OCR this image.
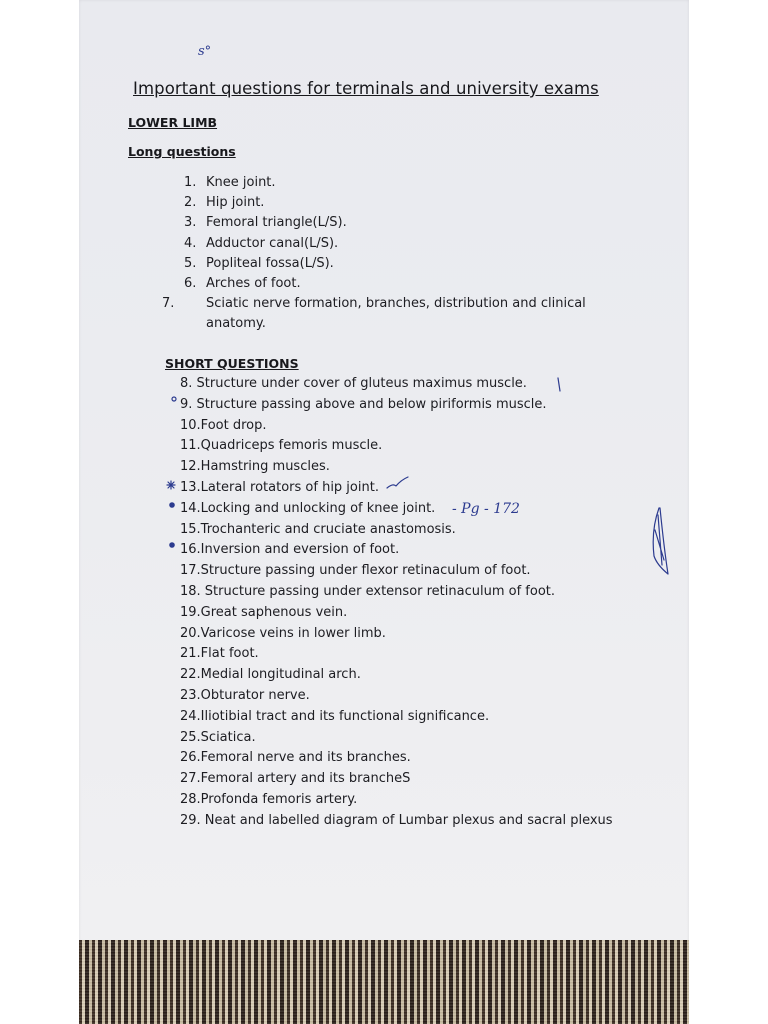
Important questions for terminals and university exams
LOWER LIMB
Long questions
1. Knee joint.
2. Hip joint.
3. Femoral triangle(L/S).
4. Adductor canal(L/S).
5. Popliteal fossa(L/S).
6. Arches of foot.
7. Sciatic nerve formation, branches, distribution and clinical anatomy.
SHORT QUESTIONS
8. Structure under cover of gluteus maximus muscle.
9. Structure passing above and below piriformis muscle.
10.Foot drop.
11.Quadriceps femoris muscle.
12.Hamstring muscles.
13.Lateral rotators of hip joint.
14.Locking and unlocking of knee joint.
15.Trochanteric and cruciate anastomosis.
16.Inversion and eversion of foot.
17.Structure passing under flexor retinaculum of foot.
18. Structure passing under extensor retinaculum of foot.
19.Great saphenous vein.
20.Varicose veins in lower limb.
21.Flat foot.
22.Medial longitudinal arch.
23.Obturator nerve.
24.Iliotibial tract and its functional significance.
25.Sciatica.
26.Femoral nerve and its branches.
27.Femoral artery and its brancheS
28.Profonda femoris artery.
29. Neat and labelled diagram of Lumbar plexus and sacral plexus
s°
- Pg - 172
